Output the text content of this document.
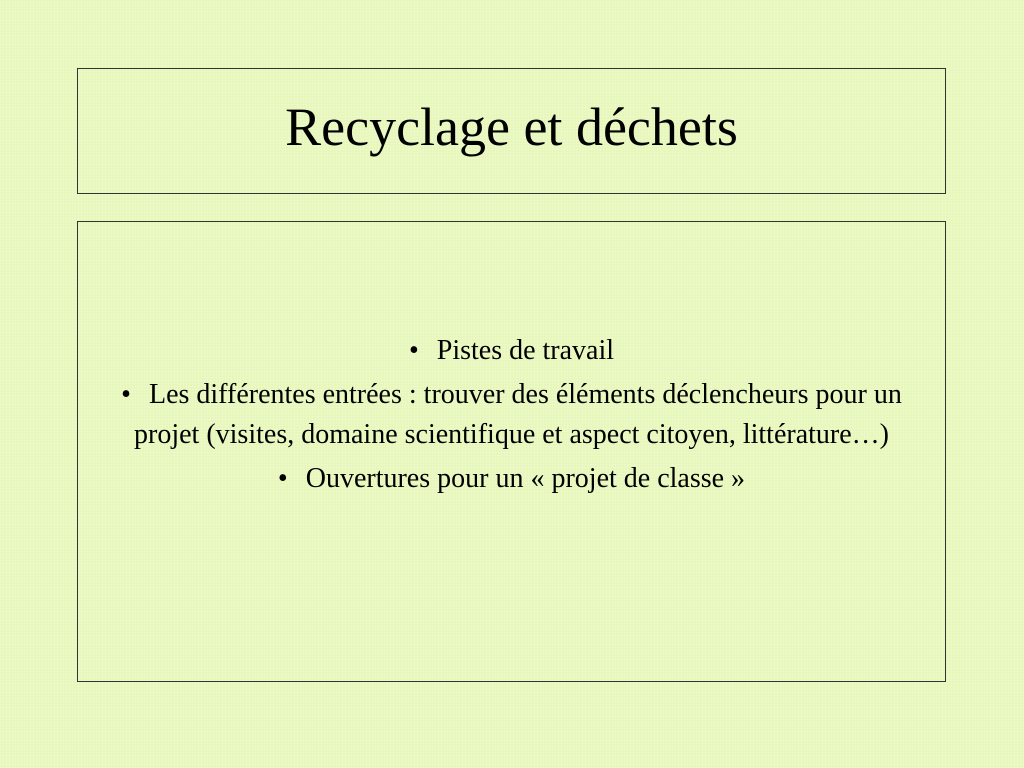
Recyclage et déchets
• Pistes de travail
• Les différentes entrées : trouver des éléments déclencheurs pour un projet (visites, domaine scientifique et aspect citoyen, littérature…)
• Ouvertures pour un « projet de classe »
